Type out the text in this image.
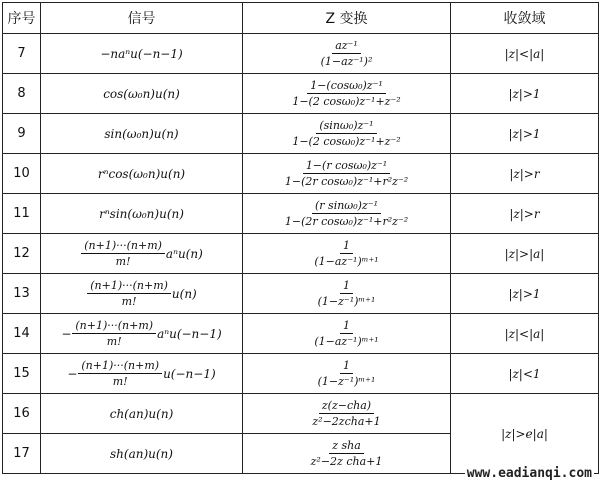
序号	信号	Z 变换	收敛域
7	−naⁿu(−n−1)	$\frac{\text{az⁻¹}}{\text{(1−az⁻¹)²}}$	|z|<|a|
8	cos(ω₀n)u(n)	$\frac{\text{1−(cosω₀)z⁻¹}}{\text{1−(2 cosω₀)z⁻¹+z⁻²}}$	|z|>1
9	sin(ω₀n)u(n)	$\frac{\text{(sinω₀)z⁻¹}}{\text{1−(2 cosω₀)z⁻¹+z⁻²}}$	|z|>1
10	rⁿcos(ω₀n)u(n)	$\frac{\text{1−(r cosω₀)z⁻¹}}{\text{1−(2r cosω₀)z⁻¹+r²z⁻²}}$	|z|>r
11	rⁿsin(ω₀n)u(n)	$\frac{\text{(r sinω₀)z⁻¹}}{\text{1−(2r cosω₀)z⁻¹+r²z⁻²}}$	|z|>r
12	$\frac{(n+1)\cdot\cdot\cdot(n+m)}{m!} a^nu(n)$	$\frac{1}{\text{(1−az⁻¹)ᵐ⁺¹}}$	|z|>|a|
13	$\frac{(n+1)\cdot\cdot\cdot(n+m)}{m!} u(n)$	$\frac{1}{\text{(1−z⁻¹)ᵐ⁺¹}}$	|z|>1
14	− $\frac{(n+1)\cdot\cdot\cdot(n+m)}{m!} a^nu(-n-1)$	$\frac{1}{\text{(1−az⁻¹)ᵐ⁺¹}}$	|z|<|a|
15	− $\frac{(n+1)\cdot\cdot\cdot(n+m)}{m!} u(-n-1)$	$\frac{1}{\text{(1−z⁻¹)ᵐ⁺¹}}$	|z|<1
16	ch(an)u(n)	$\frac{\text{z(z−cha)}}{\text{z²−2zcha+1}}$	|z|>e|a|
17	sh(an)u(n)	$\frac{\text{z sha}}{\text{z²−2z cha+1}}$
www.eadianqi.com
